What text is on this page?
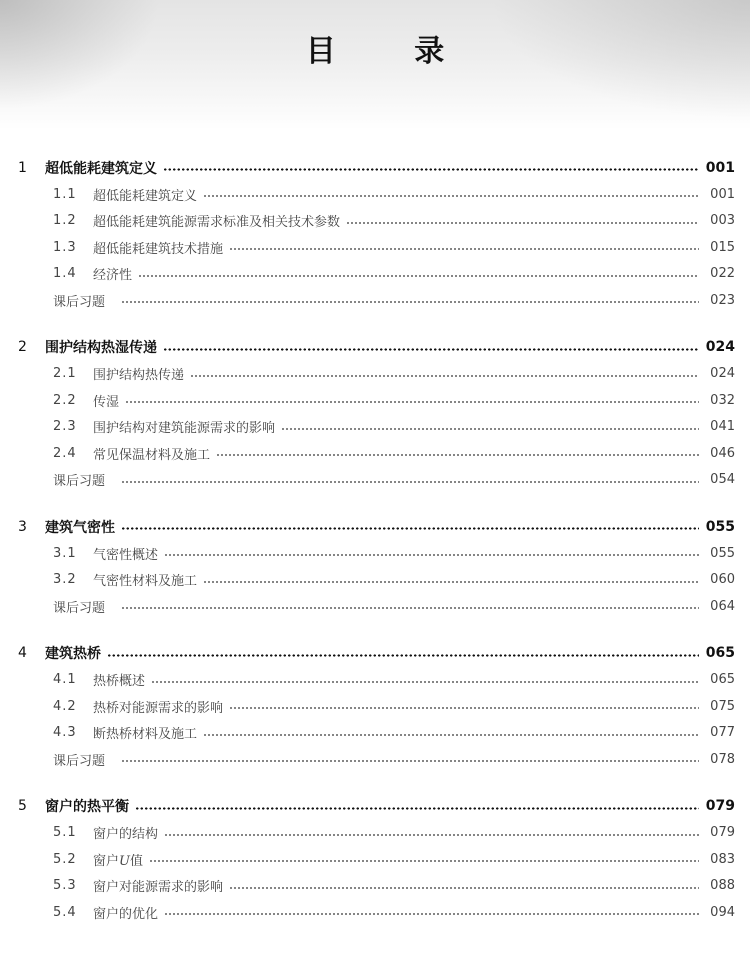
目 录
1	超低能耗建筑定义	001
1.1	超低能耗建筑定义	001
1.2	超低能耗建筑能源需求标准及相关技术参数	003
1.3	超低能耗建筑技术措施	015
1.4	经济性	022
课后习题	023
2	围护结构热湿传递	024
2.1	围护结构热传递	024
2.2	传湿	032
2.3	围护结构对建筑能源需求的影响	041
2.4	常见保温材料及施工	046
课后习题	054
3	建筑气密性	055
3.1	气密性概述	055
3.2	气密性材料及施工	060
课后习题	064
4	建筑热桥	065
4.1	热桥概述	065
4.2	热桥对能源需求的影响	075
4.3	断热桥材料及施工	077
课后习题	078
5	窗户的热平衡	079
5.1	窗户的结构	079
5.2	窗户U值	083
5.3	窗户对能源需求的影响	088
5.4	窗户的优化	094
